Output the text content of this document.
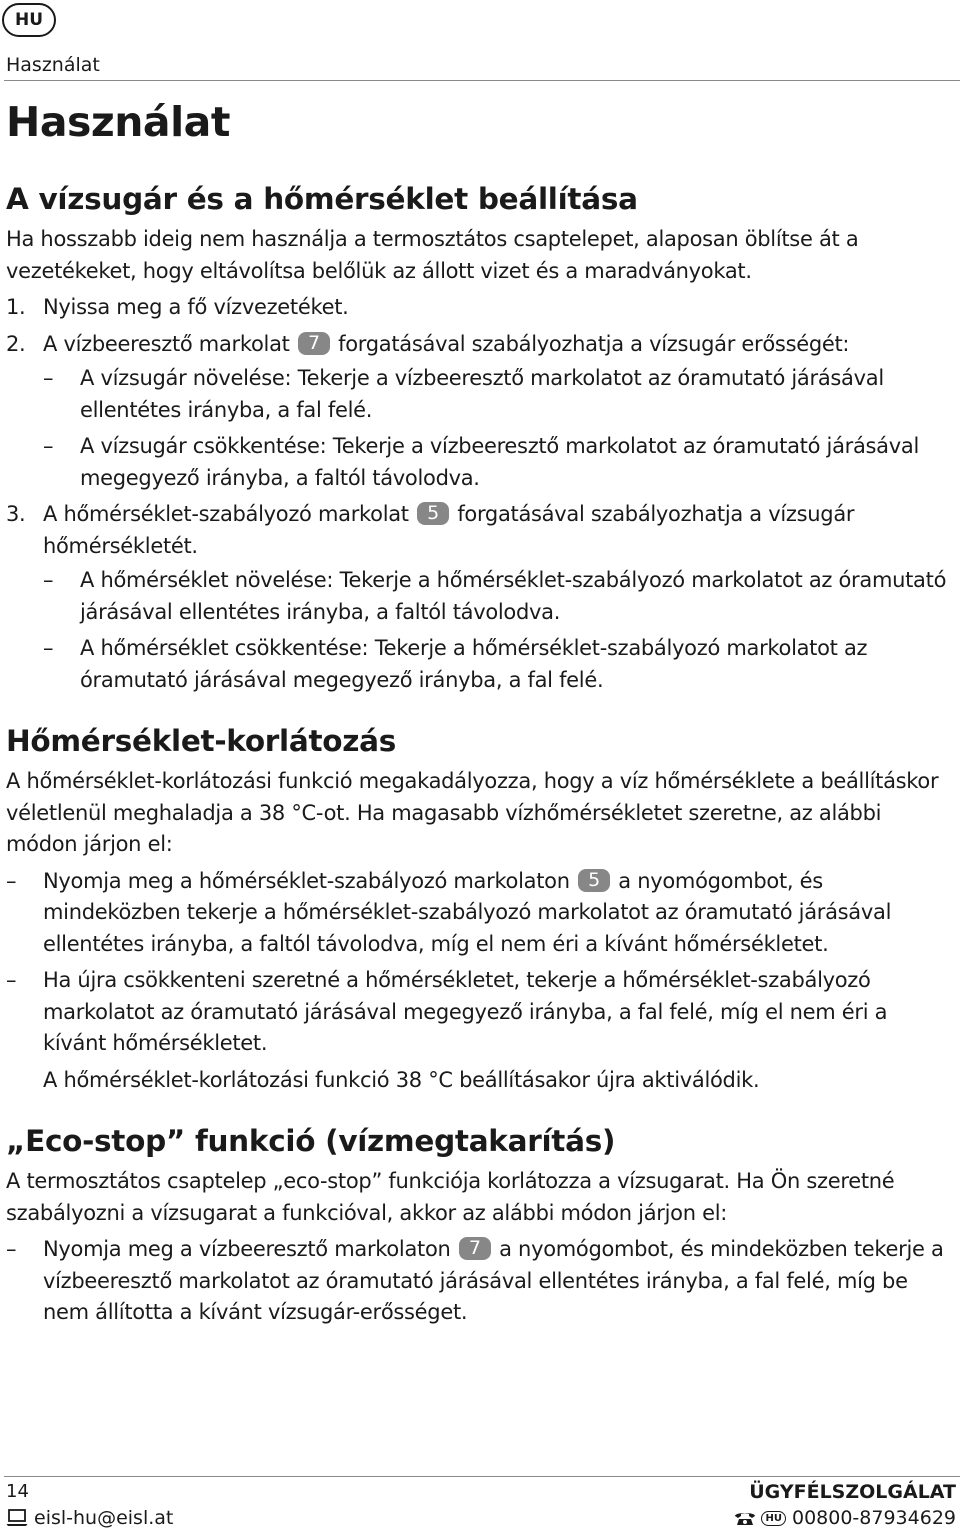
HU
Használat
Használat
A vízsugár és a hőmérséklet beállítása

Ha hosszabb ideig nem használja a termosztátos csaptelepet, alaposan öblítse át a vezetékeket, hogy eltávolítsa belőlük az állott vizet és a maradványokat.

1. Nyissa meg a fő vízvezetéket.
2. A vízbeeresztő markolat 7 forgatásával szabályozhatja a vízsugár erősségét:
–	A vízsugár növelése: Tekerje a vízbeeresztő markolatot az óramutató járásával ellentétes irányba, a fal felé.
–	A vízsugár csökkentése: Tekerje a vízbeeresztő markolatot az óramutató járásával megegyező irányba, a faltól távolodva.
3. A hőmérséklet-szabályozó markolat 5 forgatásával szabályozhatja a vízsugár hőmérsékletét.
–	A hőmérséklet növelése: Tekerje a hőmérséklet-szabályozó markolatot az óramutató járásával ellentétes irányba, a faltól távolodva.
–	A hőmérséklet csökkentése: Tekerje a hőmérséklet-szabályozó markolatot az óramutató járásával megegyező irányba, a fal felé.
Hőmérséklet-korlátozás

A hőmérséklet-korlátozási funkció megakadályozza, hogy a víz hőmérséklete a beállításkor véletlenül meghaladja a 38 °C-ot. Ha magasabb vízhőmérsékletet szeretne, az alábbi módon járjon el:

–	Nyomja meg a hőmérséklet-szabályozó markolaton 5 a nyomógombot, és mindeközben tekerje a hőmérséklet-szabályozó markolatot az óramutató járásával ellentétes irányba, a faltól távolodva, míg el nem éri a kívánt hőmérsékletet.
–	Ha újra csökkenteni szeretné a hőmérsékletet, tekerje a hőmérséklet-szabályozó markolatot az óramutató járásával megegyező irányba, a fal felé, míg el nem éri a kívánt hőmérsékletet.

A hőmérséklet-korlátozási funkció 38 °C beállításakor újra aktiválódik.

„Eco-stop” funkció (vízmegtakarítás)

A termosztátos csaptelep „eco-stop” funkciója korlátozza a vízsugarat. Ha Ön szeretné szabályozni a vízsugarat a funkcióval, akkor az alábbi módon járjon el:

–	Nyomja meg a vízbeeresztő markolaton 7 a nyomógombot, és mindeközben tekerje a vízbeeresztő markolatot az óramutató járásával ellentétes irányba, a fal felé, míg be nem állította a kívánt vízsugár-erősséget.
14
eisl-hu@eisl.at
ÜGYFÉLSZOLGÁLAT
HU 00800-87934629
